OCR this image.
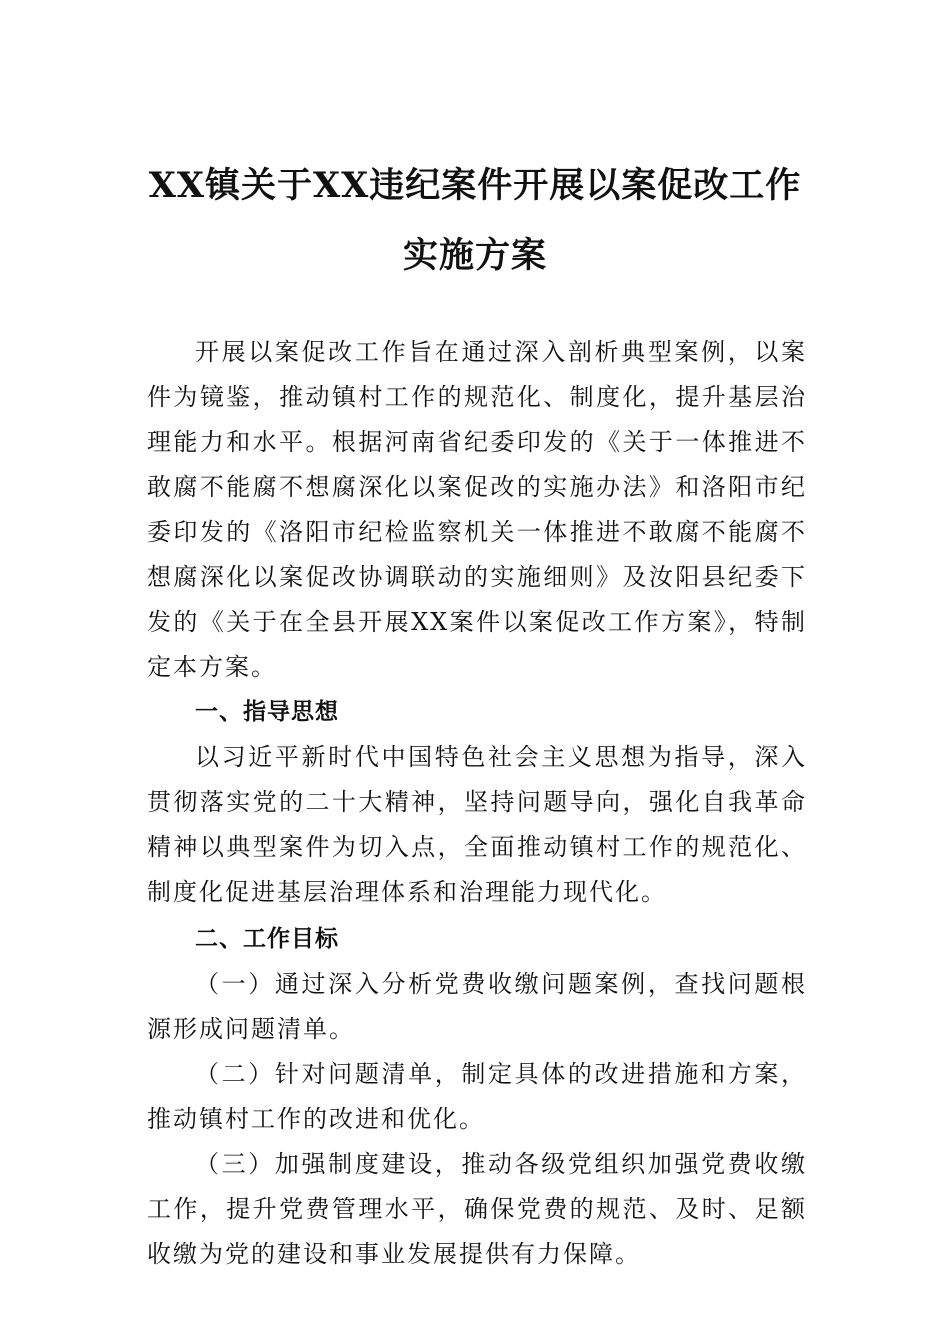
XX镇关于XX违纪案件开展以案促改工作
实施方案

开展以案促改工作旨在通过深入剖析典型案例，以案件为镜鉴，推动镇村工作的规范化、制度化，提升基层治理能力和水平。根据河南省纪委印发的《关于一体推进不敢腐不能腐不想腐深化以案促改的实施办法》和洛阳市纪委印发的《洛阳市纪检监察机关一体推进不敢腐不能腐不想腐深化以案促改协调联动的实施细则》及汝阳县纪委下发的《关于在全县开展XX案件以案促改工作方案》，特制定本方案。

一、指导思想

以习近平新时代中国特色社会主义思想为指导，深入贯彻落实党的二十大精神，坚持问题导向，强化自我革命精神以典型案件为切入点，全面推动镇村工作的规范化、制度化促进基层治理体系和治理能力现代化。

二、工作目标

（一）通过深入分析党费收缴问题案例，查找问题根源形成问题清单。

（二）针对问题清单，制定具体的改进措施和方案，推动镇村工作的改进和优化。

（三）加强制度建设，推动各级党组织加强党费收缴工作，提升党费管理水平，确保党费的规范、及时、足额收缴为党的建设和事业发展提供有力保障。
